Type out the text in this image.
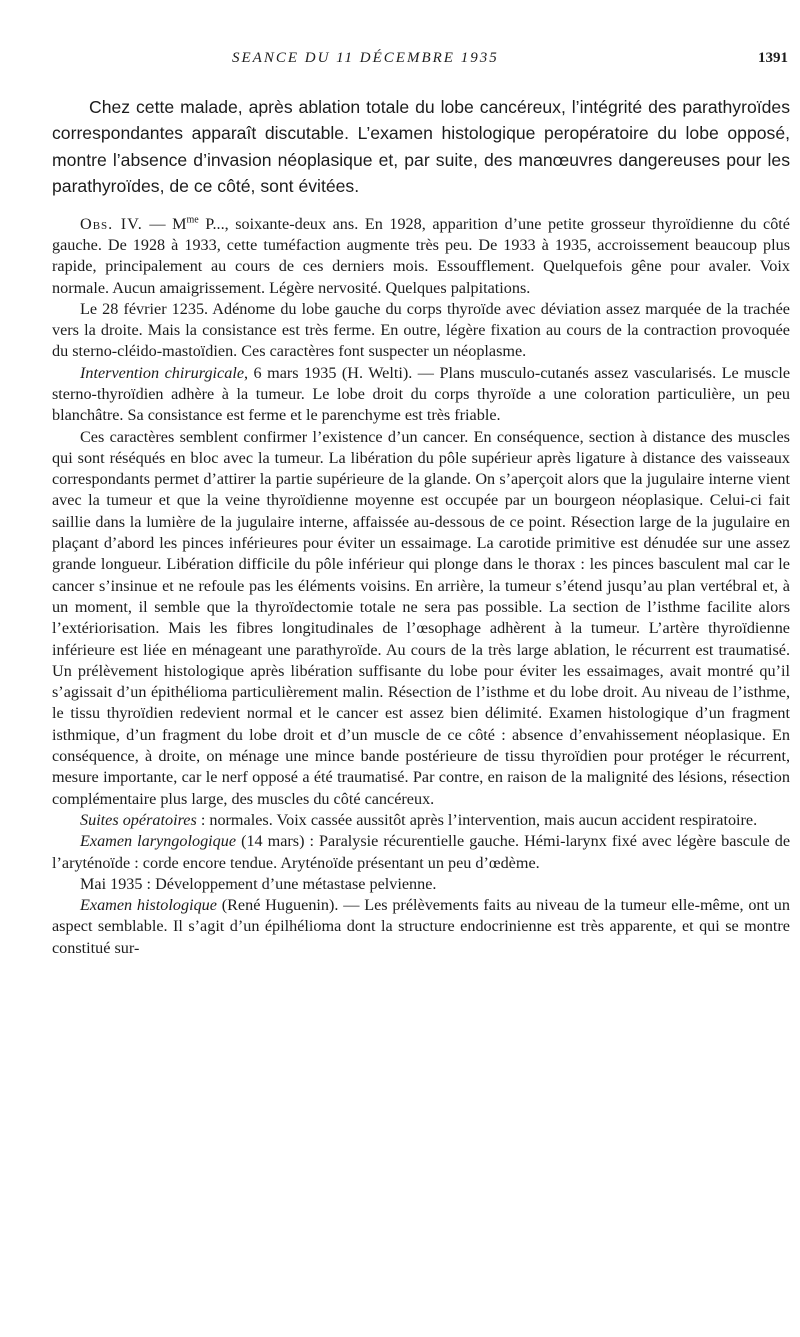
SEANCE DU 11 DÉCEMBRE 1935	1391

Chez cette malade, après ablation totale du lobe cancéreux, l’intégrité des parathyroïdes correspondantes apparaît discutable. L’examen histologique peropératoire du lobe opposé, montre l’absence d’invasion néoplasique et, par suite, des manœuvres dangereuses pour les parathyroïdes, de ce côté, sont évitées.

Obs. IV. — $M^{me}$ P..., soixante-deux ans. En 1928, apparition d’une petite grosseur thyroïdienne du côté gauche. De 1928 à 1933, cette tuméfaction augmente très peu. De 1933 à 1935, accroissement beaucoup plus rapide, principalement au cours de ces derniers mois. Essoufflement. Quelquefois gêne pour avaler. Voix normale. Aucun amaigrissement. Légère nervosité. Quelques palpitations.

Le 28 février 1235. Adénome du lobe gauche du corps thyroïde avec déviation assez marquée de la trachée vers la droite. Mais la consistance est très ferme. En outre, légère fixation au cours de la contraction provoquée du sterno-cléido-mastoïdien. Ces caractères font suspecter un néoplasme.

Intervention chirurgicale, 6 mars 1935 (H. Welti). — Plans musculo-cutanés assez vascularisés. Le muscle sterno-thyroïdien adhère à la tumeur. Le lobe droit du corps thyroïde a une coloration particulière, un peu blanchâtre. Sa consistance est ferme et le parenchyme est très friable.

Ces caractères semblent confirmer l’existence d’un cancer. En conséquence, section à distance des muscles qui sont réséqués en bloc avec la tumeur. La libération du pôle supérieur après ligature à distance des vaisseaux correspondants permet d’attirer la partie supérieure de la glande. On s’aperçoit alors que la jugulaire interne vient avec la tumeur et que la veine thyroïdienne moyenne est occupée par un bourgeon néoplasique. Celui-ci fait saillie dans la lumière de la jugulaire interne, affaissée au-dessous de ce point. Résection large de la jugulaire en plaçant d’abord les pinces inférieures pour éviter un essaimage. La carotide primitive est dénudée sur une assez grande longueur. Libération difficile du pôle inférieur qui plonge dans le thorax : les pinces basculent mal car le cancer s’insinue et ne refoule pas les éléments voisins. En arrière, la tumeur s’étend jusqu’au plan vertébral et, à un moment, il semble que la thyroïdectomie totale ne sera pas possible. La section de l’isthme facilite alors l’extériorisation. Mais les fibres longitudinales de l’œsophage adhèrent à la tumeur. L’artère thyroïdienne inférieure est liée en ménageant une parathyroïde. Au cours de la très large ablation, le récurrent est traumatisé. Un prélèvement histologique après libération suffisante du lobe pour éviter les essaimages, avait montré qu’il s’agissait d’un épithélioma particulièrement malin. Résection de l’isthme et du lobe droit. Au niveau de l’isthme, le tissu thyroïdien redevient normal et le cancer est assez bien délimité. Examen histologique d’un fragment isthmique, d’un fragment du lobe droit et d’un muscle de ce côté : absence d’envahissement néoplasique. En conséquence, à droite, on ménage une mince bande postérieure de tissu thyroïdien pour protéger le récurrent, mesure importante, car le nerf opposé a été traumatisé. Par contre, en raison de la malignité des lésions, résection complémentaire plus large, des muscles du côté cancéreux.

Suites opératoires : normales. Voix cassée aussitôt après l’intervention, mais aucun accident respiratoire.

Examen laryngologique (14 mars) : Paralysie récurentielle gauche. Hémi-larynx fixé avec légère bascule de l’aryténoïde : corde encore tendue. Aryténoïde présentant un peu d’œdème.

Mai 1935 : Développement d’une métastase pelvienne.

Examen histologique (René Huguenin). — Les prélèvements faits au niveau de la tumeur elle-même, ont un aspect semblable. Il s’agit d’un épilhélioma dont la structure endocrinienne est très apparente, et qui se montre constitué sur-
